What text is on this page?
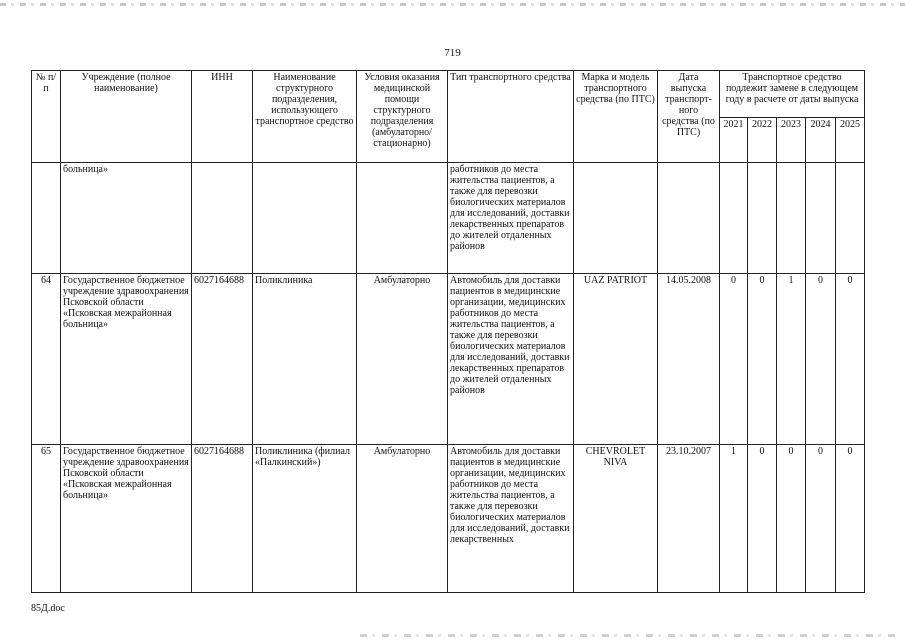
719
№ п/п	Учреждение (полное наименование)	ИНН	Наименование структурного подразделения, использующего транспортное средство	Условия оказания медицинской помощи структурного подразделения (амбулаторно/ стационарно)	Тип транспортного средства	Марка и модель транспортного средства (по ПТС)	Дата выпуска транспорт-ного средства (по ПТС)	Транспортное средство подлежит замене в следующем году в расчете от даты выпуска				
								2021	2022	2023	2024	2025
	больница»				работников до места жительства пациентов, а также для перевозки биологических материалов для исследований, доставки лекарственных препаратов до жителей отдаленных районов							
64	Государственное бюджетное учреждение здравоохранения Псковской области «Псковская межрайонная больница»	6027164688	Поликлиника	Амбулаторно	Автомобиль для доставки пациентов в медицинские организации, медицинских работников до места жительства пациентов, а также для перевозки биологических материалов для исследований, доставки лекарственных препаратов до жителей отдаленных районов	UAZ PATRIOT	14.05.2008	0	0	1	0	0
65	Государственное бюджетное учреждение здравоохранения Псковской области «Псковская межрайонная больница»	6027164688	Поликлиника (филиал «Палкинский»)	Амбулаторно	Автомобиль для доставки пациентов в медицинские организации, медицинских работников до места жительства пациентов, а также для перевозки биологических материалов для исследований, доставки лекарственных	CHEVROLET NIVA	23.10.2007	1	0	0	0	0
85Д.doc
